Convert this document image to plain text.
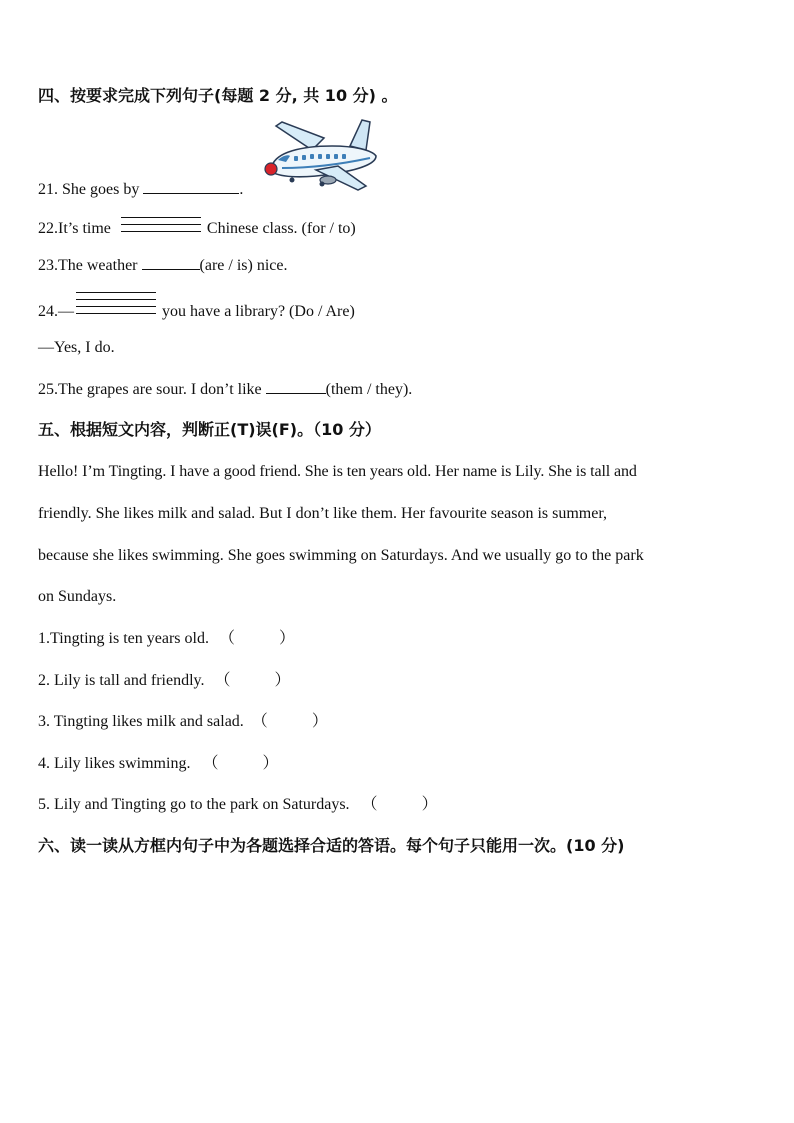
四、按要求完成下列句子(每题 2 分, 共 10 分) 。
21. She goes by	.
22.It’s time	Chinese class. (for / to)
23.The weather	(are / is) nice.
24.—	you have a library? (Do / Are)
—Yes, I do.
25.The grapes are sour. I don’t like	(them / they).
五、根据短文内容，判断正(T)误(F)。（10 分）
Hello! I’m Tingting. I have a good friend. She is ten years old. Her name is Lily. She is tall and
friendly. She likes milk and salad. But I don’t like them. Her favourite season is summer,
because she likes swimming. She goes swimming on Saturdays. And we usually go to the park
on Sundays.
1.Tingting is ten years old. （	）
2. Lily is tall and friendly. （	）
3. Tingting likes milk and salad. （	）
4. Lily likes swimming. （	）
5. Lily and Tingting go to the park on Saturdays. （	）
六、读一读从方框内句子中为各题选择合适的答语。每个句子只能用一次。(10 分)
